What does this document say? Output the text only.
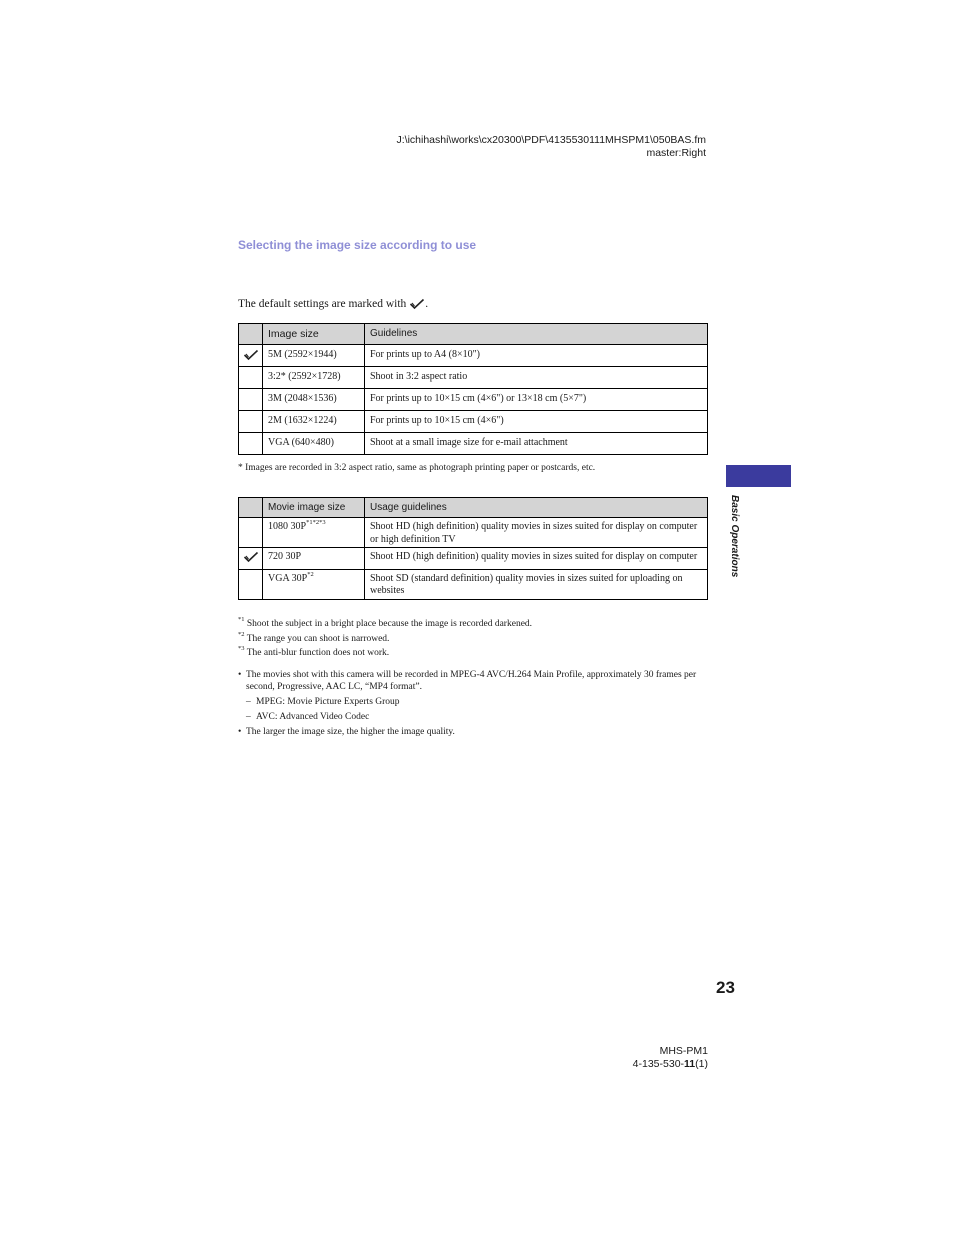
J:\ichihashi\works\cx20300\PDF\4135530111MHSPM1\050BAS.fm
master:Right
Selecting the image size according to use
The default settings are marked with .
	Image size	Guidelines
	5M (2592×1944)	For prints up to A4 (8×10")
	3:2* (2592×1728)	Shoot in 3:2 aspect ratio
	3M (2048×1536)	For prints up to 10×15 cm (4×6") or 13×18 cm (5×7")
	2M (1632×1224)	For prints up to 10×15 cm (4×6")
	VGA (640×480)	Shoot at a small image size for e-mail attachment
* Images are recorded in 3:2 aspect ratio, same as photograph printing paper or postcards, etc.
	Movie image size	Usage guidelines
	1080 $30P^{*1*2*3}$	Shoot HD (high definition) quality movies in sizes suited for display on computer or high definition TV
	720 30P	Shoot HD (high definition) quality movies in sizes suited for display on computer
	VGA $30P^{*2}$	Shoot SD (standard definition) quality movies in sizes suited for uploading on websites
$^{*1}$ Shoot the subject in a bright place because the image is recorded darkened.
$^{*2}$ The range you can shoot is narrowed.
$^{*3}$ The anti-blur function does not work.
• The movies shot with this camera will be recorded in MPEG-4 AVC/H.264 Main Profile, approximately 30 frames per second, Progressive, AAC LC, “MP4 format”.
– MPEG: Movie Picture Experts Group
– AVC: Advanced Video Codec
• The larger the image size, the higher the image quality.
Basic Operations
23
MHS-PM1
4-135-530-11(1)
